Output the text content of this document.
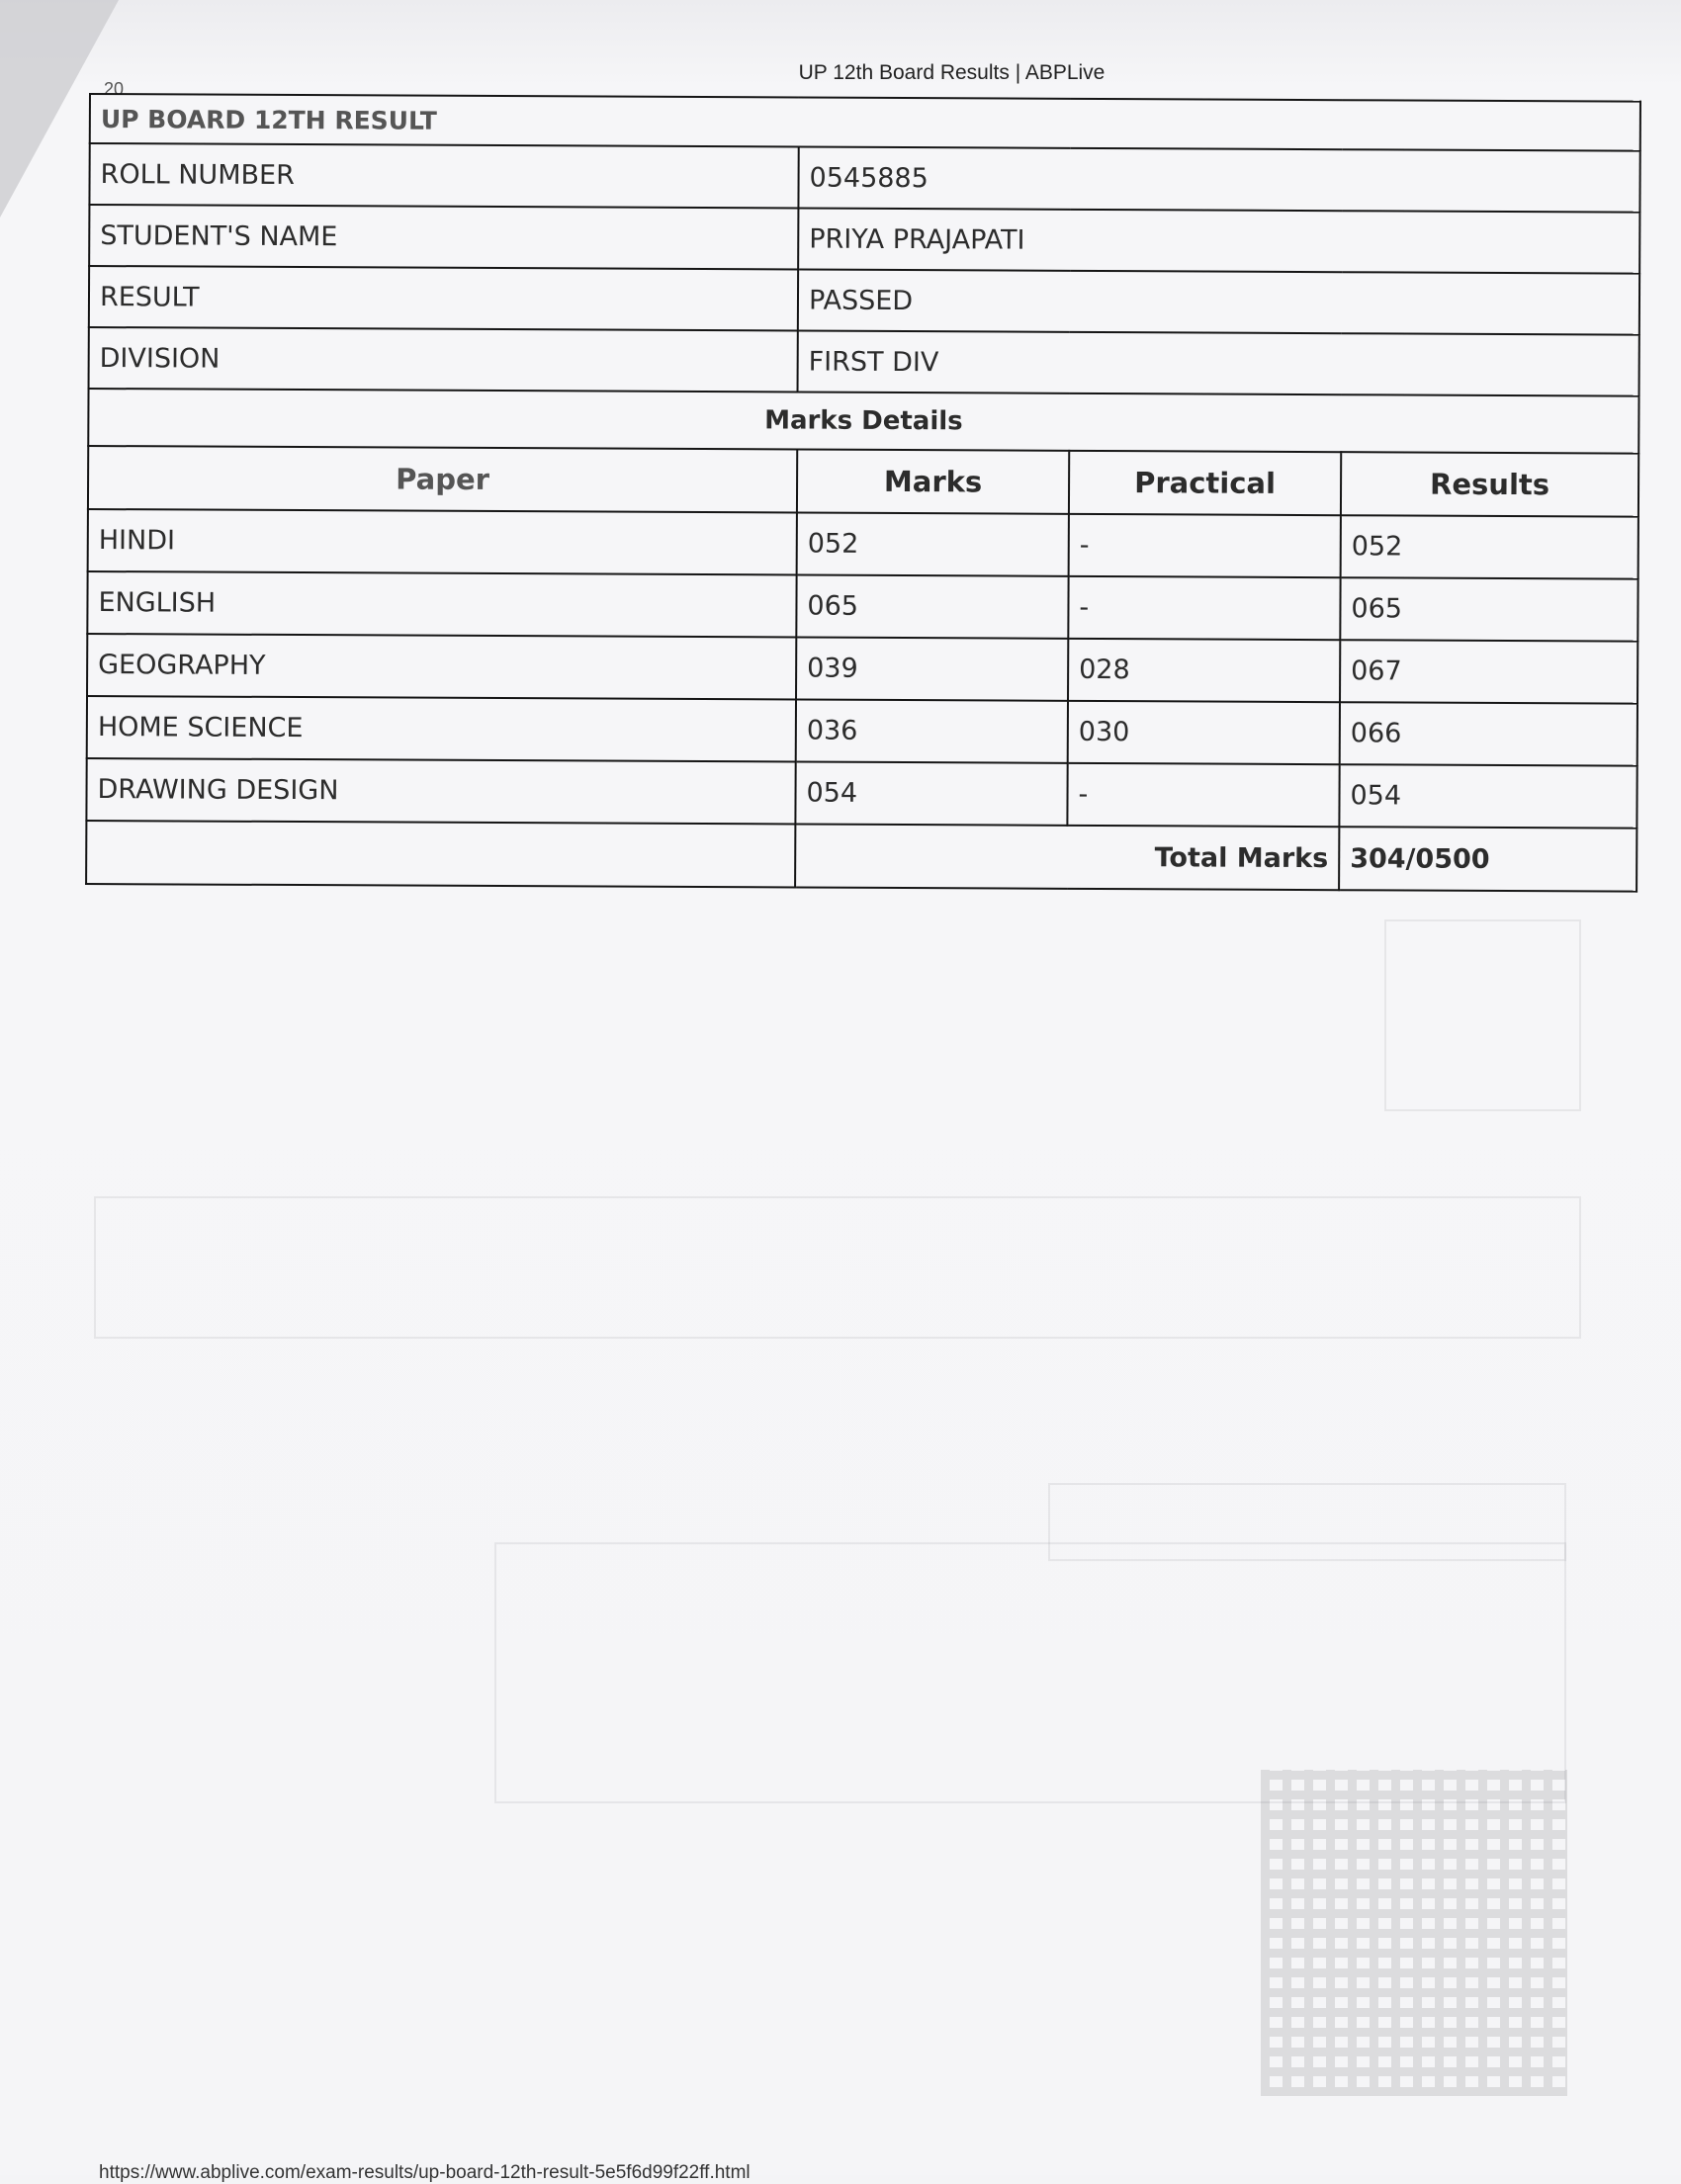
20
UP 12th Board Results | ABPLive
UP BOARD 12TH RESULT			
ROLL NUMBER	0545885		
STUDENT'S NAME	PRIYA PRAJAPATI		
RESULT	PASSED		
DIVISION	FIRST DIV		
Marks Details			
Paper	Marks	Practical	Results
HINDI	052	-	052
ENGLISH	065	-	065
GEOGRAPHY	039	028	067
HOME SCIENCE	036	030	066
DRAWING DESIGN	054	-	054
	Total Marks		304/0500
https://www.abplive.com/exam-results/up-board-12th-result-5e5f6d99f22ff.html
